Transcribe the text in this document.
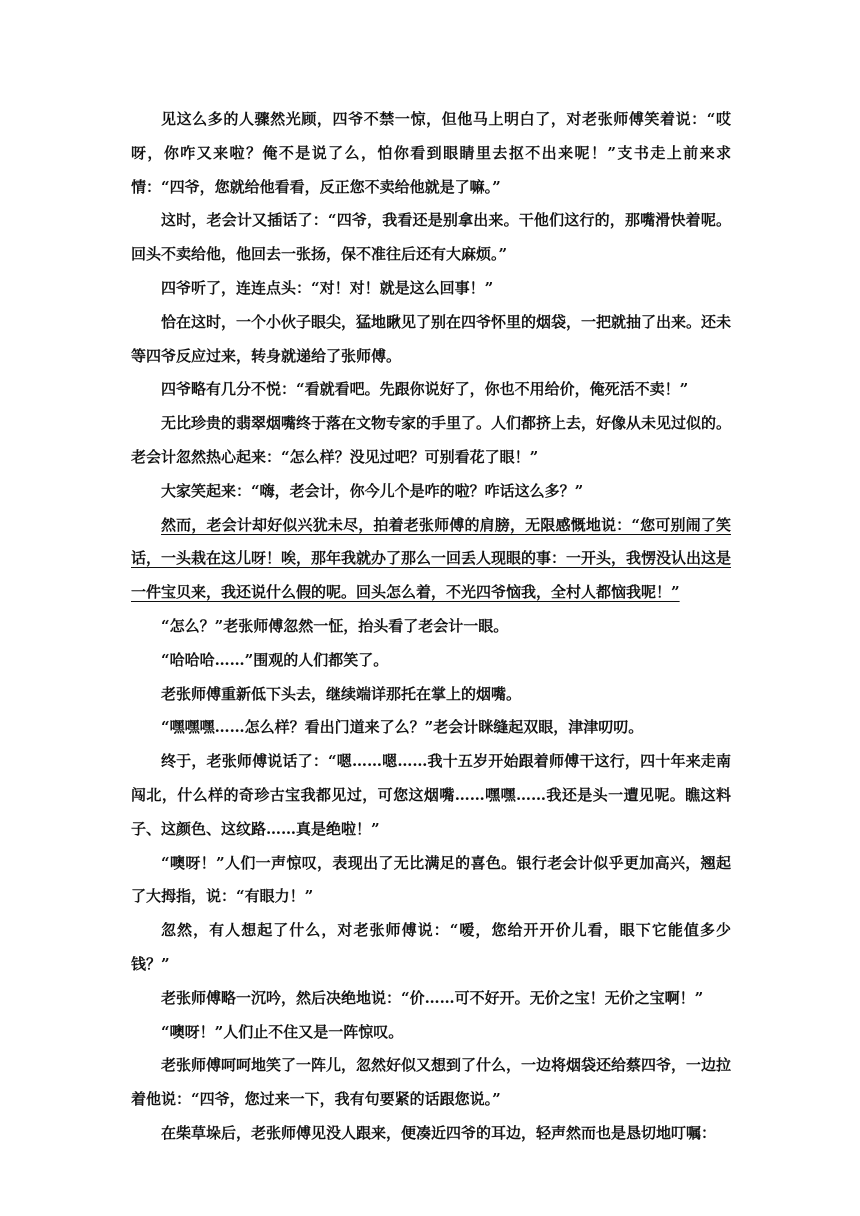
见这么多的人骤然光顾，四爷不禁一惊，但他马上明白了，对老张师傅笑着说：“哎呀，你咋又来啦？俺不是说了么，怕你看到眼睛里去抠不出来呢！”支书走上前来求情：“四爷，您就给他看看，反正您不卖给他就是了嘛。”

这时，老会计又插话了：“四爷，我看还是别拿出来。干他们这行的，那嘴滑快着呢。回头不卖给他，他回去一张扬，保不准往后还有大麻烦。”

四爷听了，连连点头：“对！对！就是这么回事！”

恰在这时，一个小伙子眼尖，猛地瞅见了别在四爷怀里的烟袋，一把就抽了出来。还未等四爷反应过来，转身就递给了张师傅。

四爷略有几分不悦：“看就看吧。先跟你说好了，你也不用给价，俺死活不卖！”

无比珍贵的翡翠烟嘴终于落在文物专家的手里了。人们都挤上去，好像从未见过似的。老会计忽然热心起来：“怎么样？没见过吧？可别看花了眼！”

大家笑起来：“嗨，老会计，你今儿个是咋的啦？咋话这么多？”

然而，老会计却好似兴犹未尽，拍着老张师傅的肩膀，无限感慨地说：“您可别闹了笑话，一头栽在这儿呀！唉，那年我就办了那么一回丢人现眼的事：一开头，我愣没认出这是一件宝贝来，我还说什么假的呢。回头怎么着，不光四爷恼我，全村人都恼我呢！”

“怎么？”老张师傅忽然一怔，抬头看了老会计一眼。

“哈哈哈……”围观的人们都笑了。

老张师傅重新低下头去，继续端详那托在掌上的烟嘴。

“嘿嘿嘿……怎么样？看出门道来了么？”老会计眯缝起双眼，津津叨叨。

终于，老张师傅说话了：“嗯……嗯……我十五岁开始跟着师傅干这行，四十年来走南闯北，什么样的奇珍古宝我都见过，可您这烟嘴……嘿嘿……我还是头一遭见呢。瞧这料子、这颜色、这纹路……真是绝啦！”

“噢呀！”人们一声惊叹，表现出了无比满足的喜色。银行老会计似乎更加高兴，翘起了大拇指，说：“有眼力！”

忽然，有人想起了什么，对老张师傅说：“嗳，您给开开价儿看，眼下它能值多少钱？”

老张师傅略一沉吟，然后决绝地说：“价……可不好开。无价之宝！无价之宝啊！”

“噢呀！”人们止不住又是一阵惊叹。

老张师傅呵呵地笑了一阵儿，忽然好似又想到了什么，一边将烟袋还给蔡四爷，一边拉着他说：“四爷，您过来一下，我有句要紧的话跟您说。”

在柴草垛后，老张师傅见没人跟来，便凑近四爷的耳边，轻声然而也是恳切地叮嘱：
